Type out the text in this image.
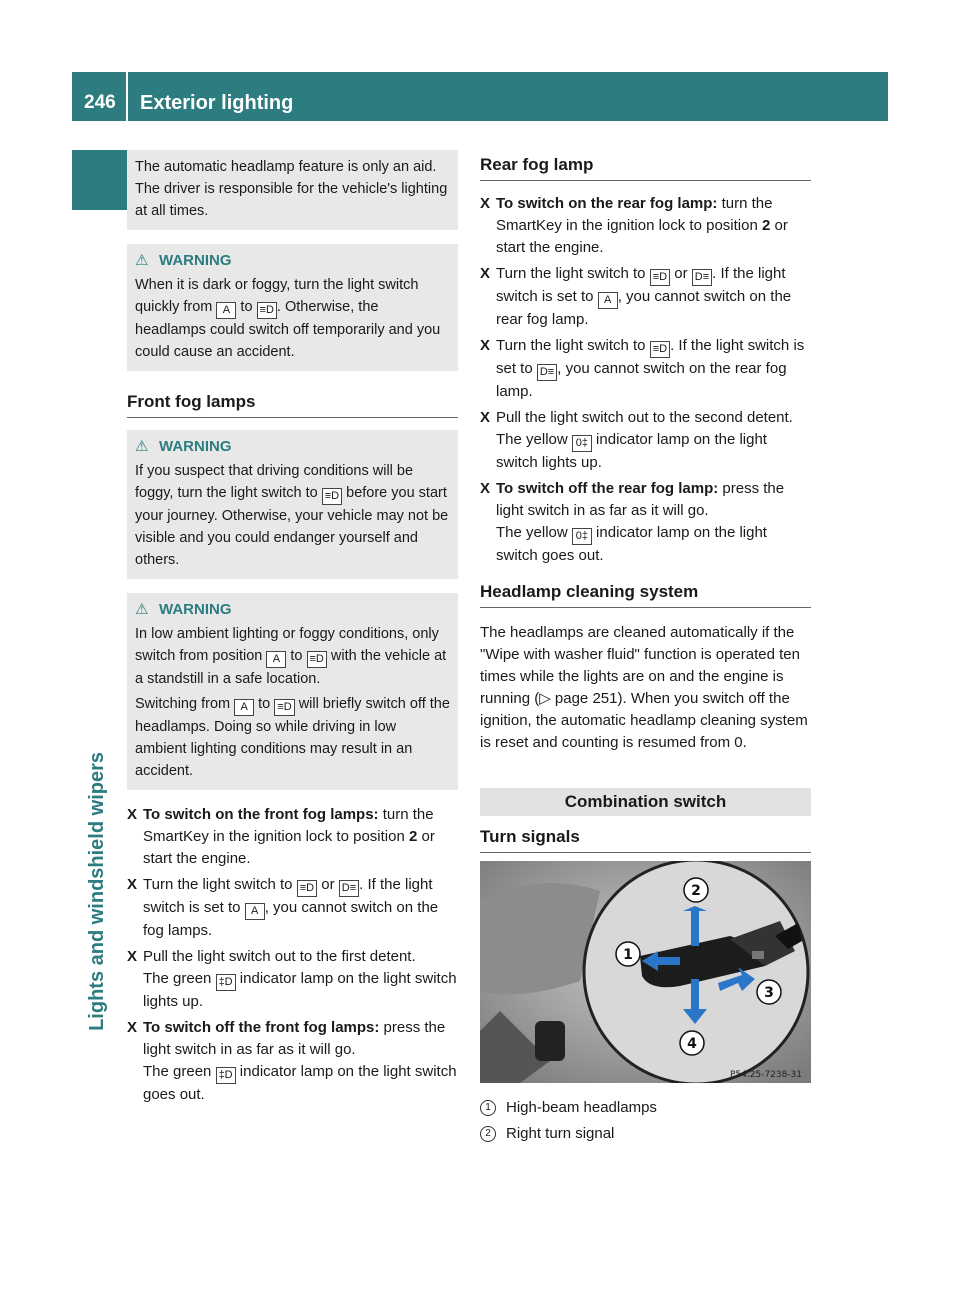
246	Exterior lighting
Lights and windshield wipers

The automatic headlamp feature is only an aid. The driver is responsible for the vehicle's lighting at all times.

⚠ WARNING

When it is dark or foggy, turn the light switch quickly from A to ≡D . Otherwise, the headlamps could switch off temporarily and you could cause an accident.

Front fog lamps

⚠ WARNING

If you suspect that driving conditions will be foggy, turn the light switch to ≡D before you start your journey. Otherwise, your vehicle may not be visible and you could endanger yourself and others.

⚠ WARNING

In low ambient lighting or foggy conditions, only switch from position A to ≡D with the vehicle at a standstill in a safe location.

Switching from A to ≡D will briefly switch off the headlamps. Doing so while driving in low ambient lighting conditions may result in an accident.

X To switch on the front fog lamps: turn the SmartKey in the ignition lock to position 2 or start the engine.

X Turn the light switch to ≡D or D≡ . If the light switch is set to A , you cannot switch on the fog lamps.

X Pull the light switch out to the first detent.
The green ‡D indicator lamp on the light switch lights up.

X To switch off the front fog lamps: press the light switch in as far as it will go.
The green ‡D indicator lamp on the light switch goes out.

Rear fog lamp
X To switch on the rear fog lamp: turn the SmartKey in the ignition lock to position 2 or start the engine.

X Turn the light switch to ≡D or D≡ . If the light switch is set to A , you cannot switch on the rear fog lamp.

X Turn the light switch to ≡D . If the light switch is set to D≡ , you cannot switch on the rear fog lamp.

X Pull the light switch out to the second detent.
The yellow 0‡ indicator lamp on the light switch lights up.

X To switch off the rear fog lamp: press the light switch in as far as it will go.
The yellow 0‡ indicator lamp on the light switch goes out.

Headlamp cleaning system

The headlamps are cleaned automatically if the "Wipe with washer fluid" function is operated ten times while the lights are on and the engine is running (▷ page 251). When you switch off the ignition, the automatic headlamp cleaning system is reset and counting is resumed from 0.

Combination switch
Turn signals
1
2
3
4
P54.25-7238-31
1	High-beam headlamps
2	Right turn signal
